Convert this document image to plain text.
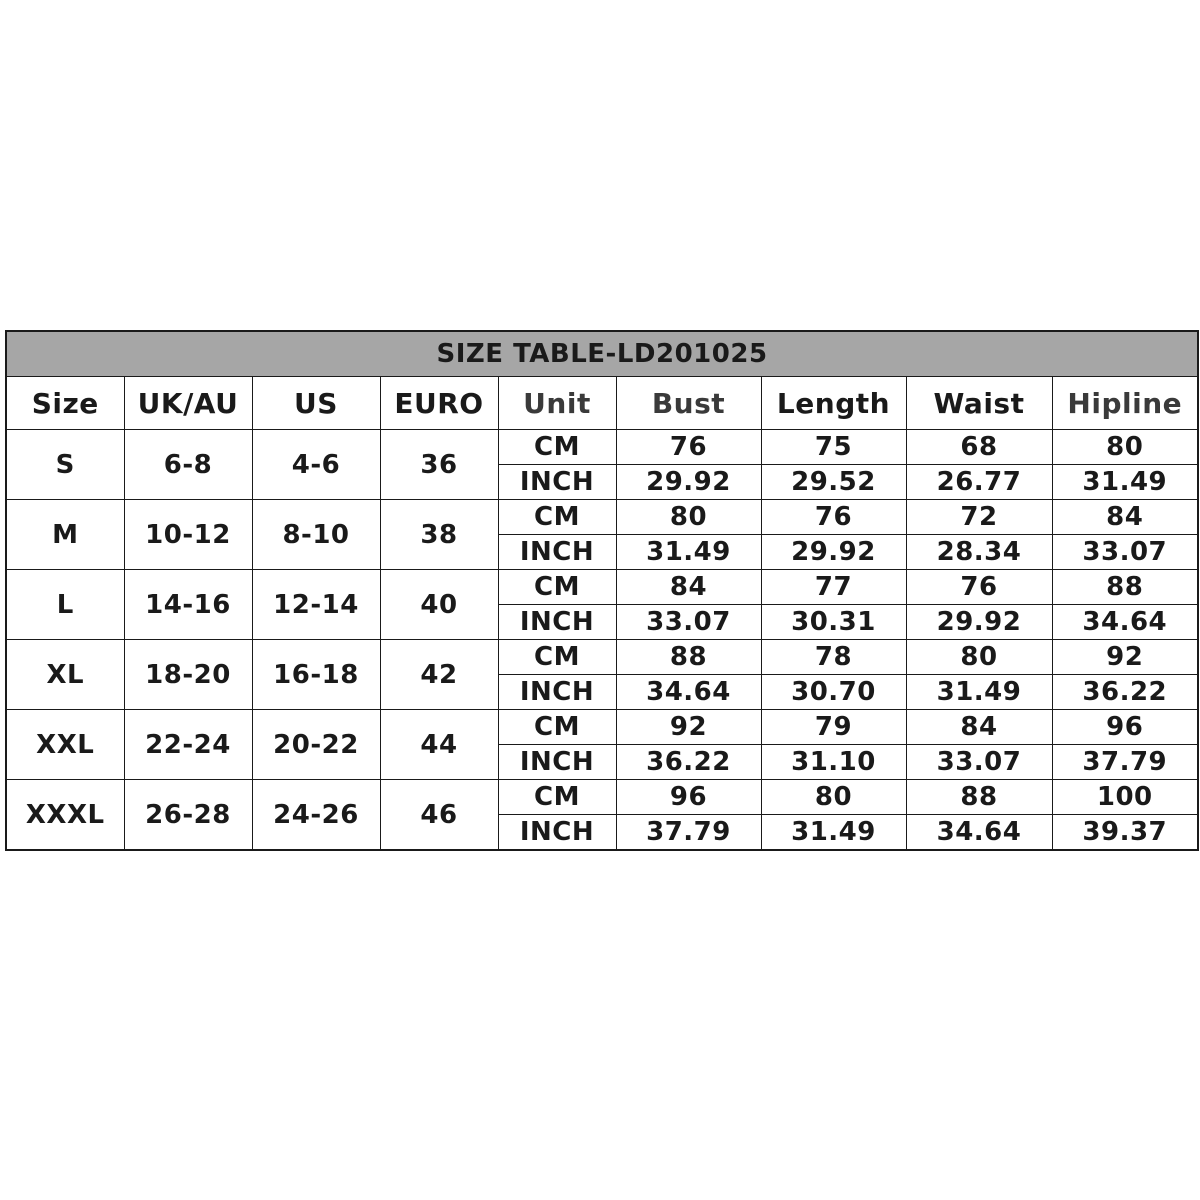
SIZE TABLE-LD201025								
Size	UK/AU	US	EURO	Unit	Bust	Length	Waist	Hipline
S	6-8	4-6	36	CM	76	75	68	80
				INCH	29.92	29.52	26.77	31.49
M	10-12	8-10	38	CM	80	76	72	84
				INCH	31.49	29.92	28.34	33.07
L	14-16	12-14	40	CM	84	77	76	88
				INCH	33.07	30.31	29.92	34.64
XL	18-20	16-18	42	CM	88	78	80	92
				INCH	34.64	30.70	31.49	36.22
XXL	22-24	20-22	44	CM	92	79	84	96
				INCH	36.22	31.10	33.07	37.79
XXXL	26-28	24-26	46	CM	96	80	88	100
				INCH	37.79	31.49	34.64	39.37
